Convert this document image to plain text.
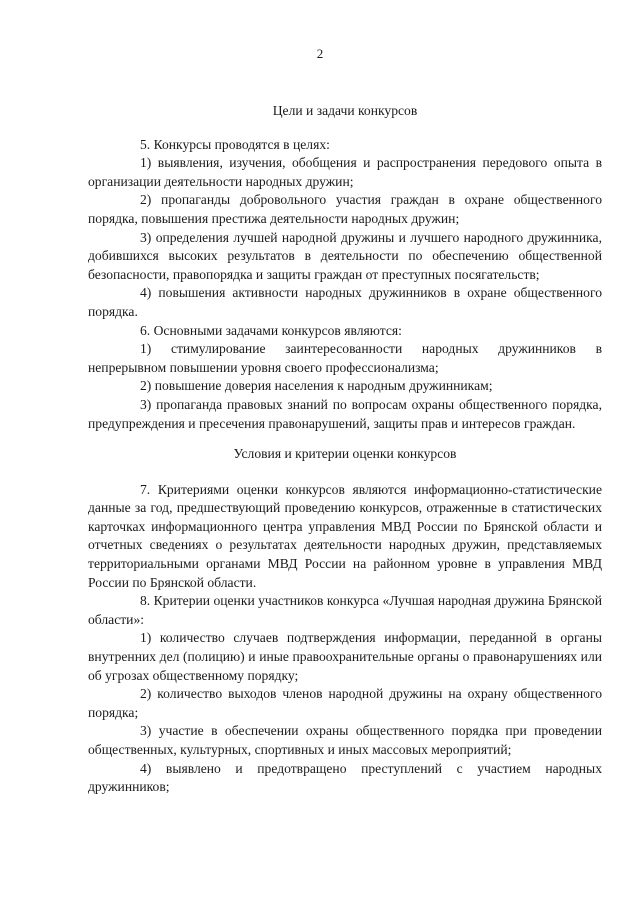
2

Цели и задачи конкурсов

5. Конкурсы проводятся в целях:

1) выявления, изучения, обобщения и распространения передового опыта в организации деятельности народных дружин;

2) пропаганды добровольного участия граждан в охране общественного порядка, повышения престижа деятельности народных дружин;

3) определения лучшей народной дружины и лучшего народного дружинника, добившихся высоких результатов в деятельности по обеспечению общественной безопасности, правопорядка и защиты граждан от преступных посягательств;

4) повышения активности народных дружинников в охране общественного порядка.

6. Основными задачами конкурсов являются:

1) стимулирование заинтересованности народных дружинников в непрерывном повышении уровня своего профессионализма;

2) повышение доверия населения к народным дружинникам;

3) пропаганда правовых знаний по вопросам охраны общественного порядка, предупреждения и пресечения правонарушений, защиты прав и интересов граждан.

Условия и критерии оценки конкурсов

7. Критериями оценки конкурсов являются информационно-статистические данные за год, предшествующий проведению конкурсов, отраженные в статистических карточках информационного центра управления МВД России по Брянской области и отчетных сведениях о результатах деятельности народных дружин, представляемых территориальными органами МВД России на районном уровне в управления МВД России по Брянской области.

8. Критерии оценки участников конкурса «Лучшая народная дружина Брянской области»:

1) количество случаев подтверждения информации, переданной в органы внутренних дел (полицию) и иные правоохранительные органы о правонарушениях или об угрозах общественному порядку;

2) количество выходов членов народной дружины на охрану общественного порядка;

3) участие в обеспечении охраны общественного порядка при проведении общественных, культурных, спортивных и иных массовых мероприятий;

4) выявлено и предотвращено преступлений с участием народных дружинников;
